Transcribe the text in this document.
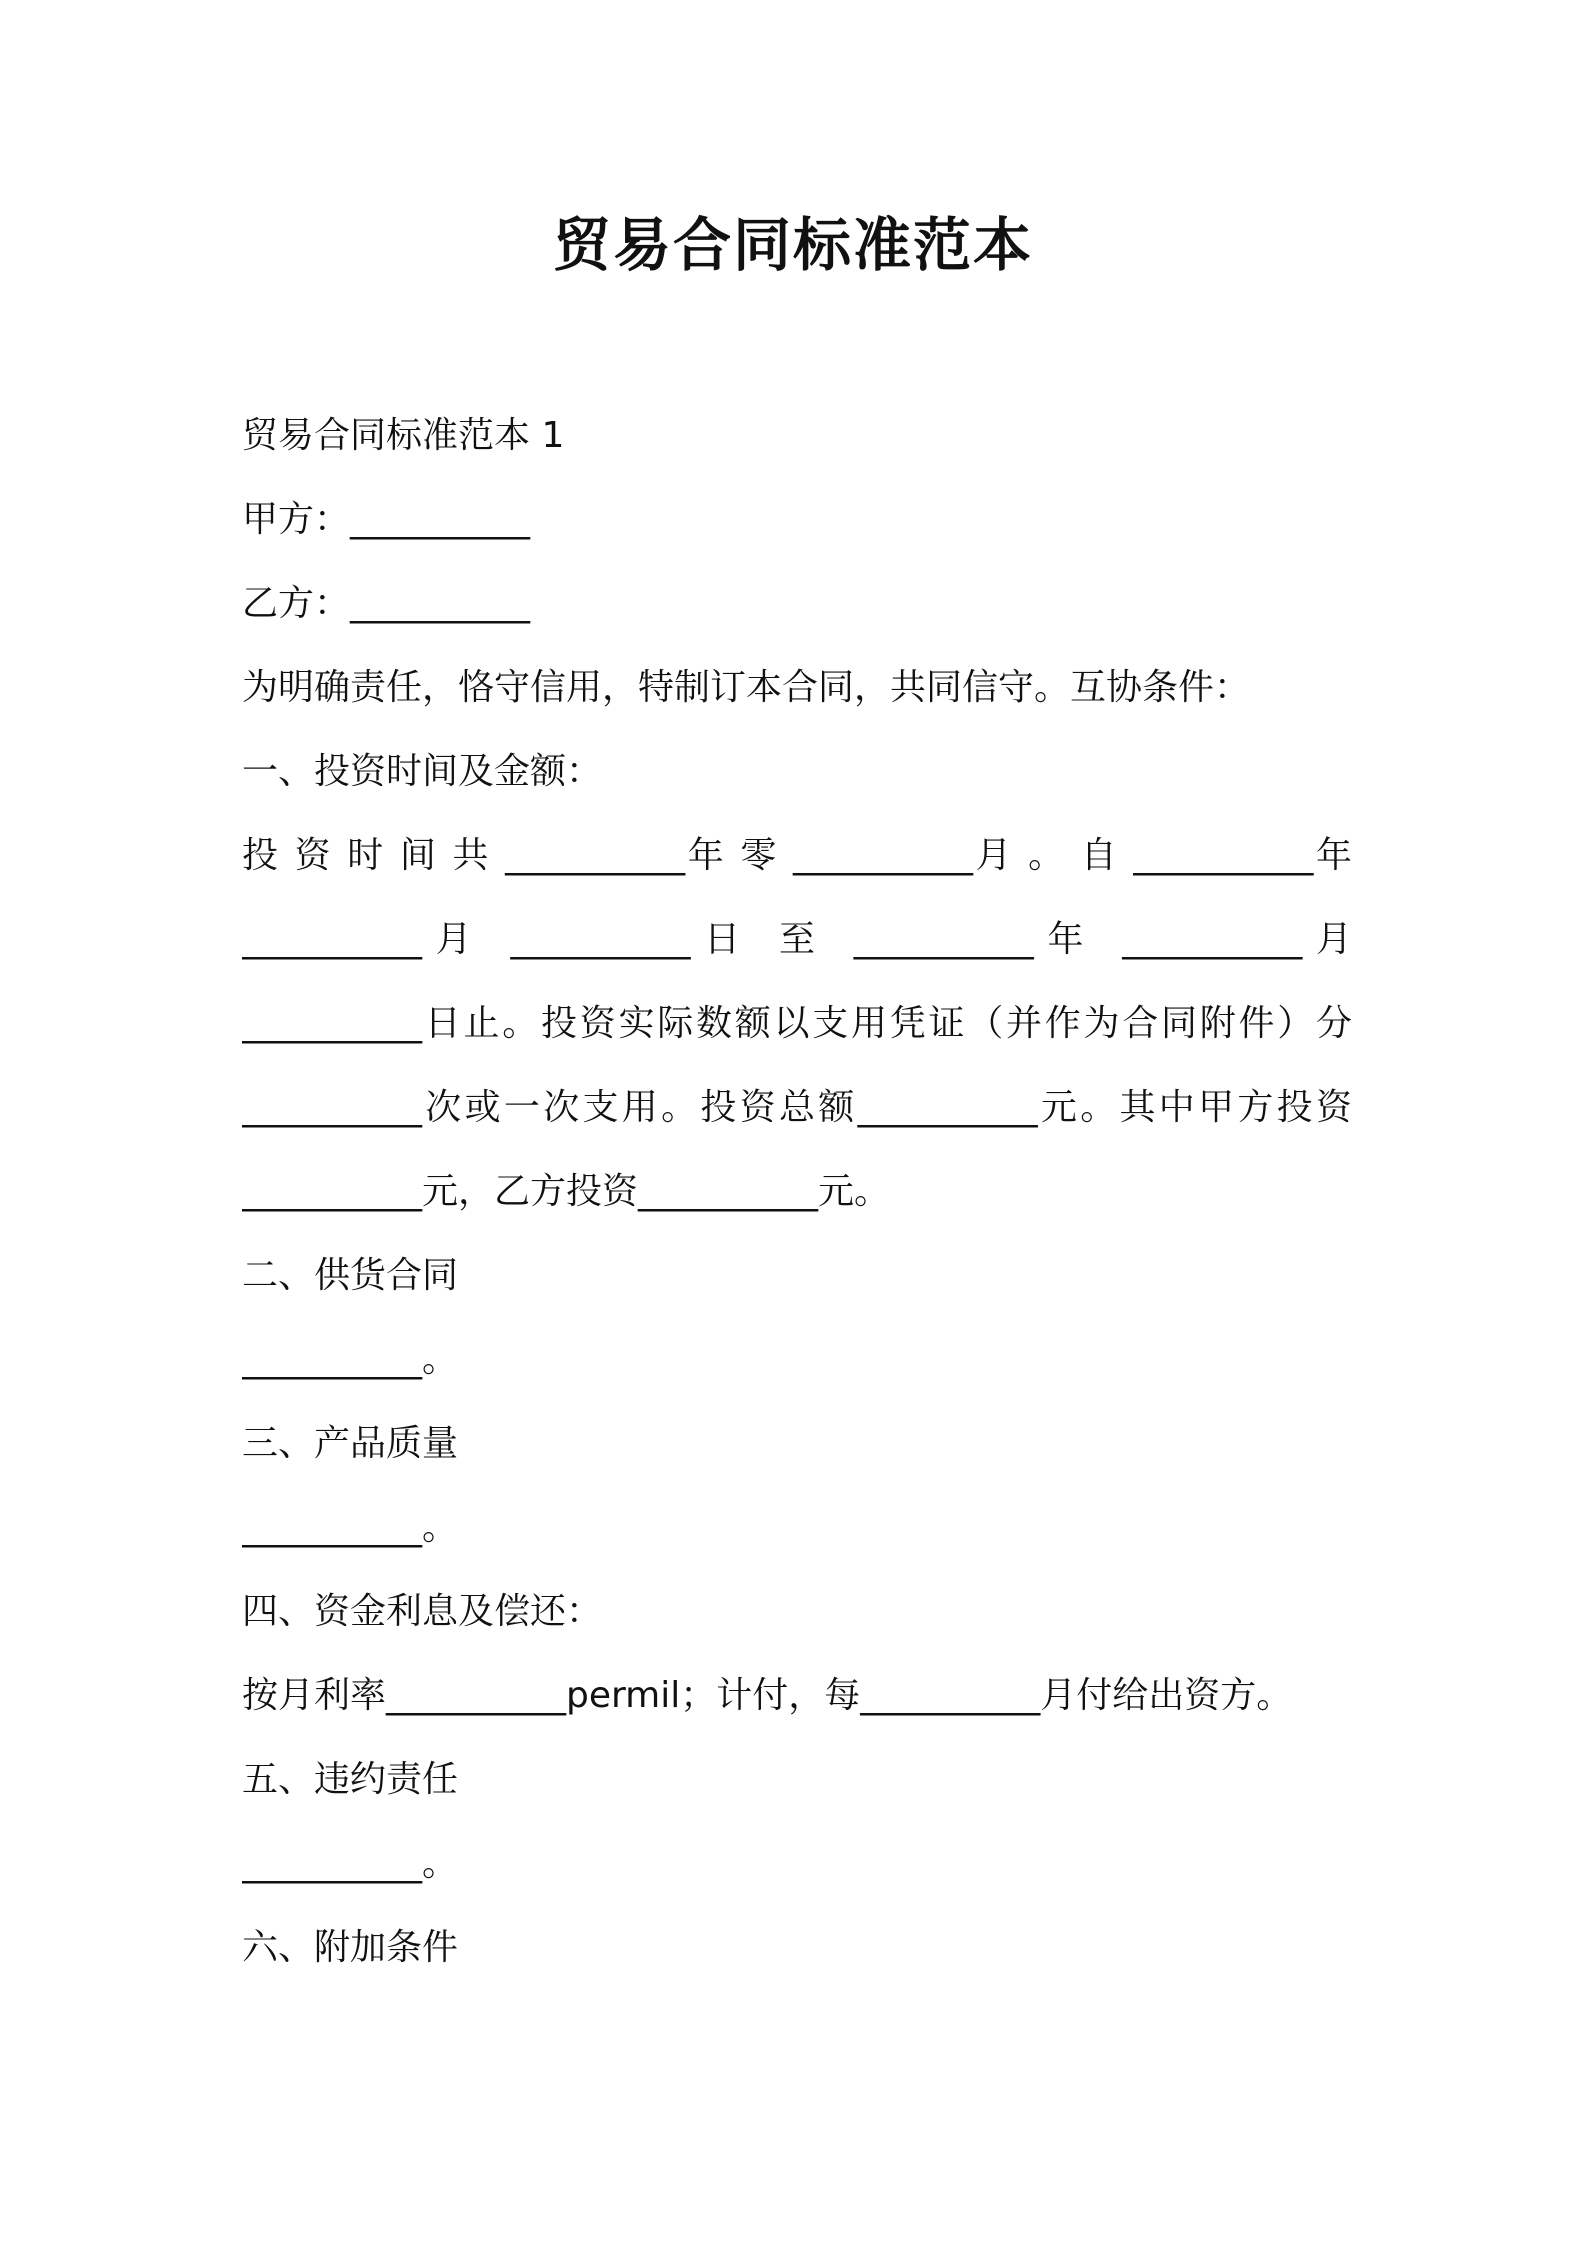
贸易合同标准范本
贸易合同标准范本 1
甲方：__________
乙方：__________
为明确责任，恪守信用，特制订本合同，共同信守。互协条件：
一、投资时间及金额：
投 资 时 间 共 __________年 零 __________月 。 自 __________年
__________月 __________日 至 __________年 __________月
__________日止。投资实际数额以支用凭证（并作为合同附件）分
__________次或一次支用。投资总额__________元。其中甲方投资
__________元，乙方投资__________元。
二、供货合同
__________。
三、产品质量
__________。
四、资金利息及偿还：
按月利率__________permil；计付，每__________月付给出资方。
五、违约责任
__________。
六、附加条件
